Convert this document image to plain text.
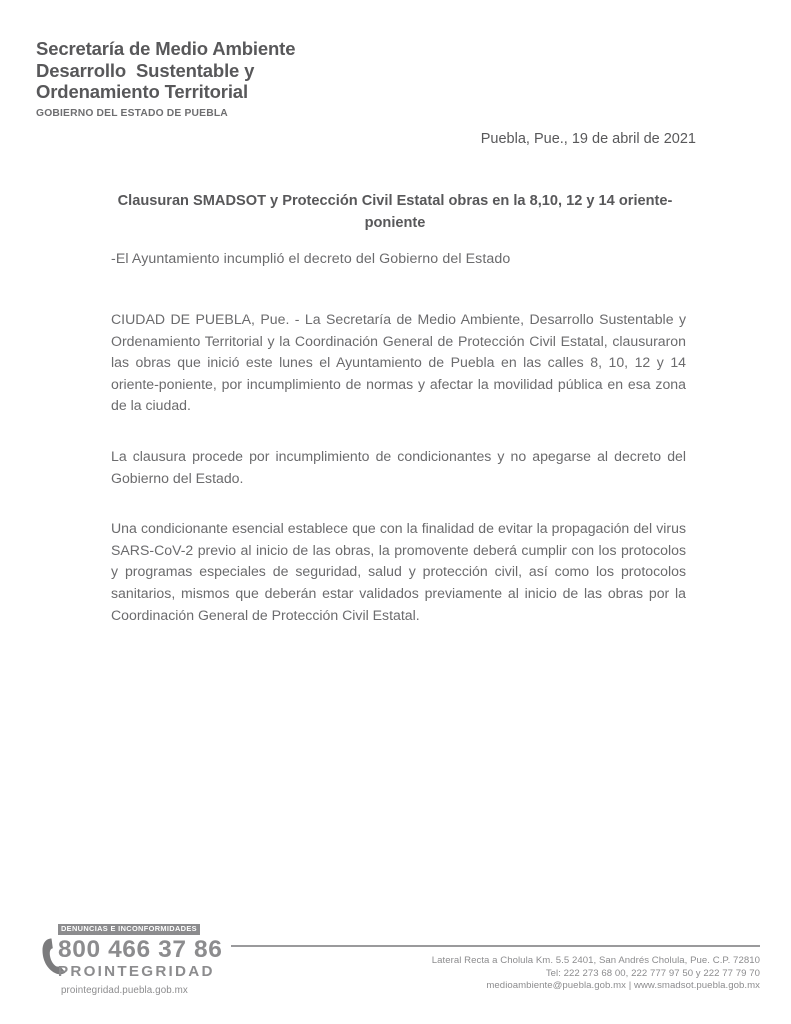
Secretaría de Medio Ambiente
Desarrollo  Sustentable y
Ordenamiento Territorial
GOBIERNO DEL ESTADO DE PUEBLA
Puebla, Pue., 19 de abril de 2021
Clausuran SMADSOT y Protección Civil Estatal obras en la 8,10, 12 y 14 oriente-poniente
-El Ayuntamiento incumplió el decreto del Gobierno del Estado

CIUDAD DE PUEBLA, Pue. - La Secretaría de Medio Ambiente, Desarrollo Sustentable y Ordenamiento Territorial y la Coordinación General de Protección Civil Estatal, clausuraron las obras que inició este lunes el Ayuntamiento de Puebla en las calles 8, 10, 12 y 14 oriente-poniente, por incumplimiento de normas y afectar la movilidad pública en esa zona de la ciudad.

La clausura procede por incumplimiento de condicionantes y no apegarse al decreto del Gobierno del Estado.

Una condicionante esencial establece que con la finalidad de evitar la propagación del virus SARS-CoV-2 previo al inicio de las obras, la promovente deberá cumplir con los protocolos y programas especiales de seguridad, salud y protección civil, así como los protocolos sanitarios, mismos que deberán estar validados previamente al inicio de las obras por la Coordinación General de Protección Civil Estatal.

DENUNCIAS E INCONFORMIDADES
800 466 37 86
PROINTEGRIDAD
prointegridad.puebla.gob.mx
Lateral Recta a Cholula Km. 5.5 2401, San Andrés Cholula, Pue. C.P. 72810
Tel: 222 273 68 00, 222 777 97 50 y 222 77 79 70
medioambiente@puebla.gob.mx | www.smadsot.puebla.gob.mx
